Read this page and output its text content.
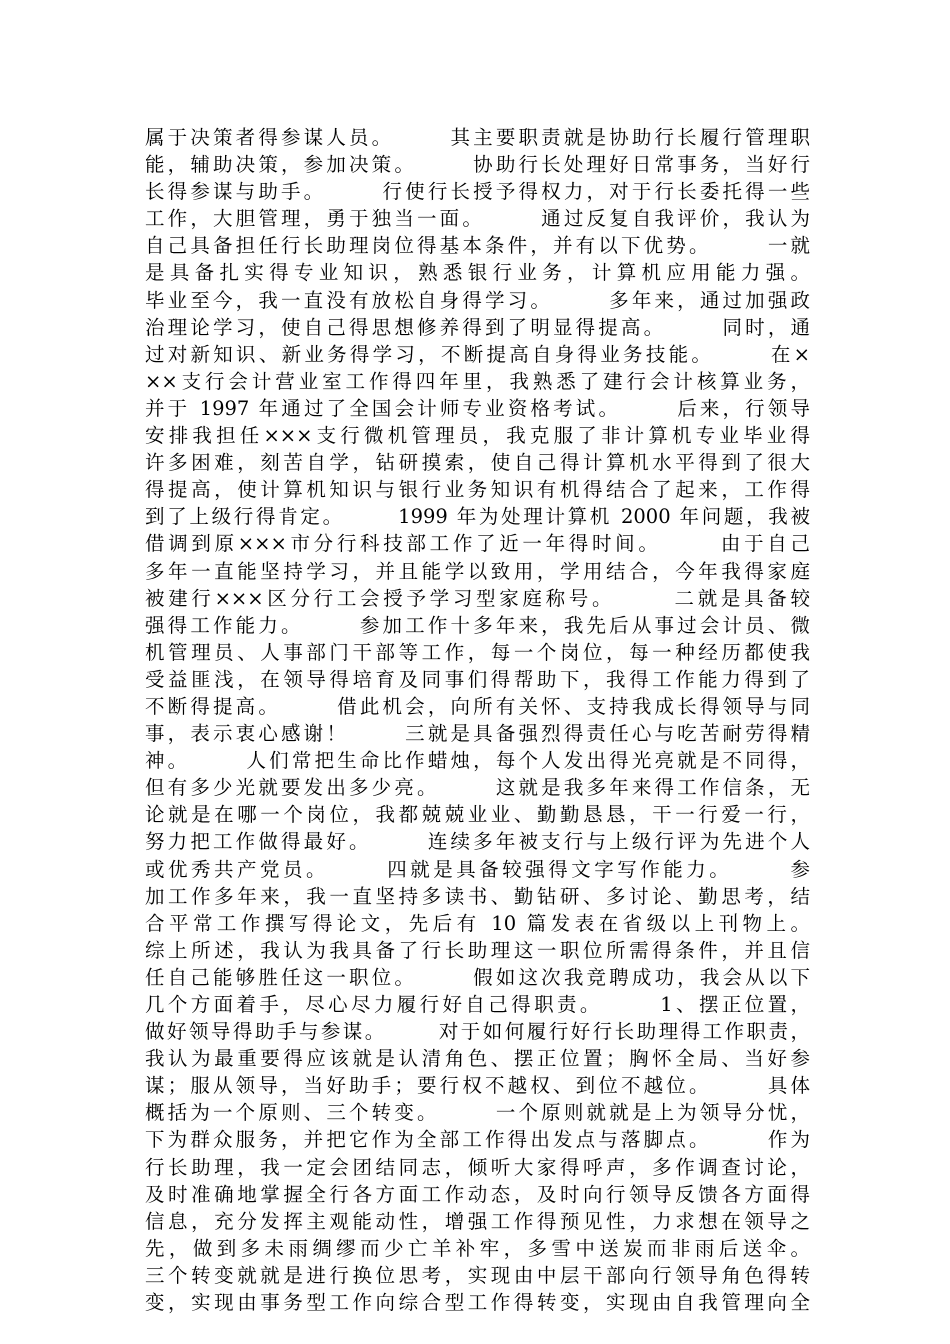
属于决策者得参谋人员。      其主要职责就是协助行长履行管理职
能，辅助决策，参加决策。      协助行长处理好日常事务，当好行
长得参谋与助手。      行使行长授予得权力，对于行长委托得一些
工作，大胆管理，勇于独当一面。      通过反复自我评价，我认为
自己具备担任行长助理岗位得基本条件，并有以下优势。      一就
是具备扎实得专业知识，熟悉银行业务，计算机应用能力强。
毕业至今，我一直没有放松自身得学习。      多年来，通过加强政
治理论学习，使自己得思想修养得到了明显得提高。      同时，通
过对新知识、新业务得学习，不断提高自身得业务技能。      在×
××支行会计营业室工作得四年里，我熟悉了建行会计核算业务，
并于 1997 年通过了全国会计师专业资格考试。      后来，行领导
安排我担任×××支行微机管理员，我克服了非计算机专业毕业得
许多困难，刻苦自学，钻研摸索，使自己得计算机水平得到了很大
得提高，使计算机知识与银行业务知识有机得结合了起来，工作得
到了上级行得肯定。      1999 年为处理计算机 2000 年问题，我被
借调到原×××市分行科技部工作了近一年得时间。      由于自己
多年一直能坚持学习，并且能学以致用，学用结合，今年我得家庭
被建行×××区分行工会授予学习型家庭称号。      二就是具备较
强得工作能力。      参加工作十多年来，我先后从事过会计员、微
机管理员、人事部门干部等工作，每一个岗位，每一种经历都使我
受益匪浅，在领导得培育及同事们得帮助下，我得工作能力得到了
不断得提高。      借此机会，向所有关怀、支持我成长得领导与同
事，表示衷心感谢！      三就是具备强烈得责任心与吃苦耐劳得精
神。      人们常把生命比作蜡烛，每个人发出得光亮就是不同得，
但有多少光就要发出多少亮。      这就是我多年来得工作信条，无
论就是在哪一个岗位，我都兢兢业业、勤勤恳恳，干一行爱一行，
努力把工作做得最好。      连续多年被支行与上级行评为先进个人
或优秀共产党员。      四就是具备较强得文字写作能力。      参
加工作多年来，我一直坚持多读书、勤钻研、多讨论、勤思考，结
合平常工作撰写得论文，先后有 10 篇发表在省级以上刊物上。
综上所述，我认为我具备了行长助理这一职位所需得条件，并且信
任自己能够胜任这一职位。      假如这次我竞聘成功，我会从以下
几个方面着手，尽心尽力履行好自己得职责。      1、摆正位置，
做好领导得助手与参谋。      对于如何履行好行长助理得工作职责，
我认为最重要得应该就是认清角色、摆正位置；胸怀全局、当好参
谋；服从领导，当好助手；要行权不越权、到位不越位。      具体
概括为一个原则、三个转变。      一个原则就就是上为领导分忧，
下为群众服务，并把它作为全部工作得出发点与落脚点。      作为
行长助理，我一定会团结同志，倾听大家得呼声，多作调查讨论，
及时准确地掌握全行各方面工作动态，及时向行领导反馈各方面得
信息，充分发挥主观能动性，增强工作得预见性，力求想在领导之
先，做到多未雨绸缪而少亡羊补牢，多雪中送炭而非雨后送伞。
三个转变就就是进行换位思考，实现由中层干部向行领导角色得转
变，实现由事务型工作向综合型工作得转变，实现由自我管理向全
